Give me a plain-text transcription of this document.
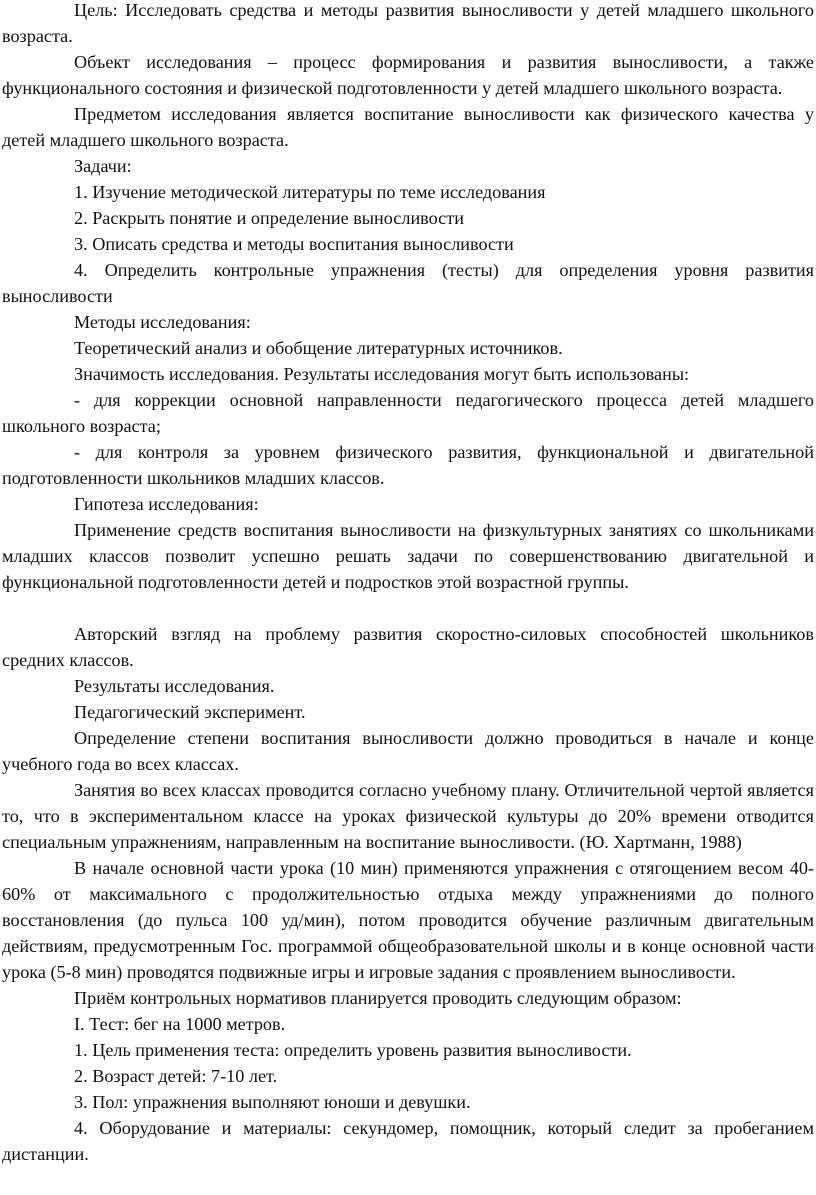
Цель: Исследовать средства и методы развития выносливости у детей младшего школьного возраста.

Объект исследования – процесс формирования и развития выносливости, а также функционального состояния и физической подготовленности у детей младшего школьного возраста.

Предметом исследования является воспитание выносливости как физического качества у детей младшего школьного возраста.

Задачи:

1. Изучение методической литературы по теме исследования

2. Раскрыть понятие и определение выносливости

3. Описать средства и методы воспитания выносливости

4. Определить контрольные упражнения (тесты) для определения уровня развития выносливости

Методы исследования:

Теоретический анализ и обобщение литературных источников.

Значимость исследования. Результаты исследования могут быть использованы:

- для коррекции основной направленности педагогического процесса детей младшего школьного возраста;

- для контроля за уровнем физического развития, функциональной и двигательной подготовленности школьников младших классов.

Гипотеза исследования:

Применение средств воспитания выносливости на физкультурных занятиях со школьниками младших классов позволит успешно решать задачи по совершенствованию двигательной и функциональной подготовленности детей и подростков этой возрастной группы.

Авторский взгляд на проблему развития скоростно-силовых способностей школьников средних классов.

Результаты исследования.

Педагогический эксперимент.

Определение степени воспитания выносливости должно проводиться в начале и конце учебного года во всех классах.

Занятия во всех классах проводится согласно учебному плану. Отличительной чертой является то, что в экспериментальном классе на уроках физической культуры до 20% времени отводится специальным упражнениям, направленным на воспитание выносливости. (Ю. Хартманн, 1988)

В начале основной части урока (10 мин) применяются упражнения с отягощением весом 40-60% от максимального с продолжительностью отдыха между упражнениями до полного восстановления (до пульса 100 уд/мин), потом проводится обучение различным двигательным действиям, предусмотренным Гос. программой общеобразовательной школы и в конце основной части урока (5-8 мин) проводятся подвижные игры и игровые задания с проявлением выносливости.

Приём контрольных нормативов планируется проводить следующим образом:

I. Тест: бег на 1000 метров.

1. Цель применения теста: определить уровень развития выносливости.

2. Возраст детей: 7-10 лет.

3. Пол: упражнения выполняют юноши и девушки.

4. Оборудование и материалы: секундомер, помощник, который следит за пробеганием дистанции.
